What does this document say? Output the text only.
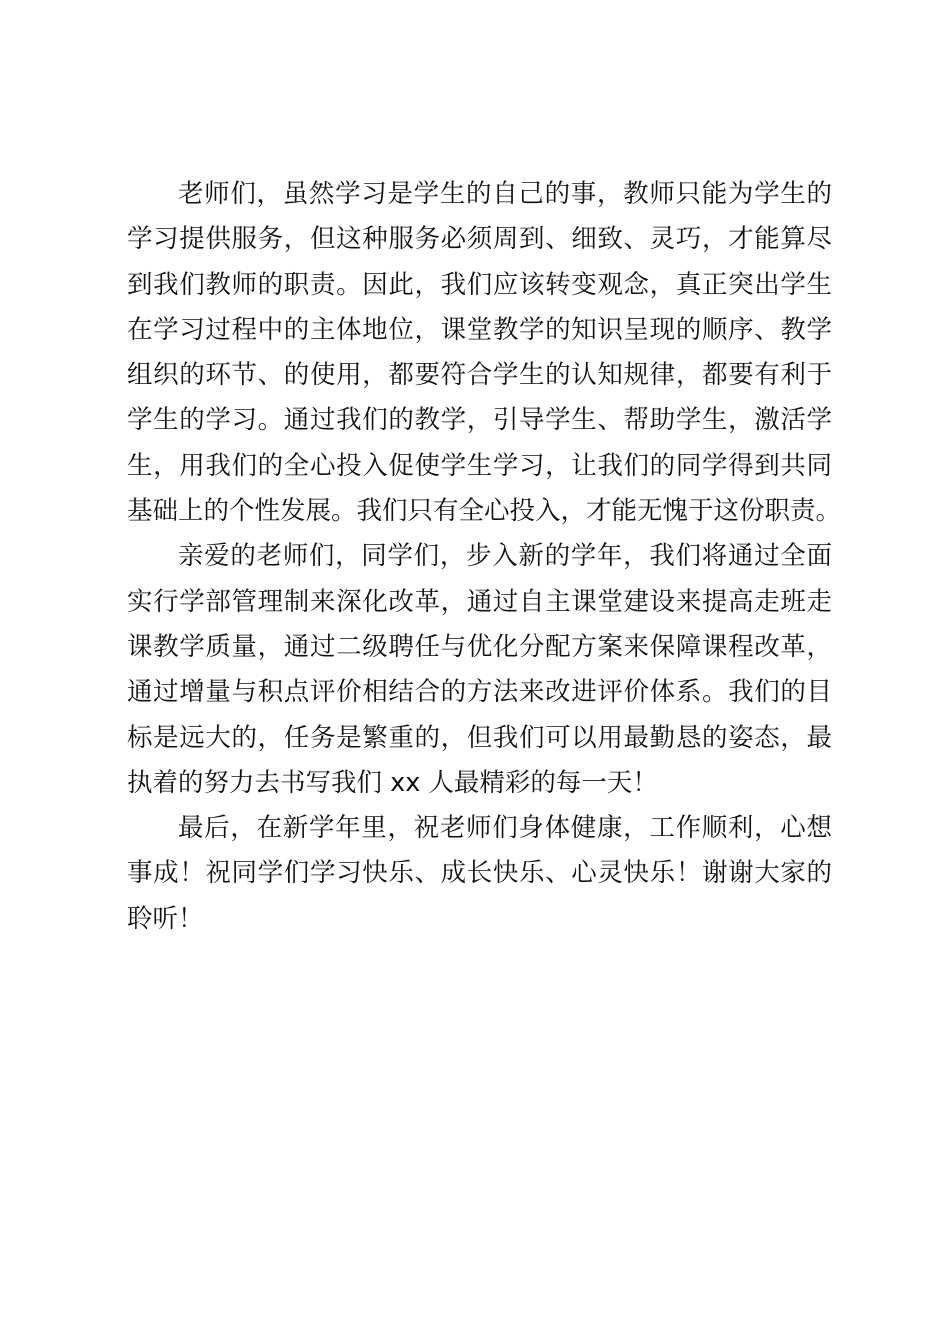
老师们，虽然学习是学生的自己的事，教师只能为学生的
学习提供服务，但这种服务必须周到、细致、灵巧，才能算尽
到我们教师的职责。因此，我们应该转变观念，真正突出学生
在学习过程中的主体地位，课堂教学的知识呈现的顺序、教学
组织的环节、的使用，都要符合学生的认知规律，都要有利于
学生的学习。通过我们的教学，引导学生、帮助学生，激活学
生，用我们的全心投入促使学生学习，让我们的同学得到共同
基础上的个性发展。我们只有全心投入，才能无愧于这份职责。
亲爱的老师们，同学们，步入新的学年，我们将通过全面
实行学部管理制来深化改革，通过自主课堂建设来提高走班走
课教学质量，通过二级聘任与优化分配方案来保障课程改革，
通过增量与积点评价相结合的方法来改进评价体系。我们的目
标是远大的，任务是繁重的，但我们可以用最勤恳的姿态，最
执着的努力去书写我们 xx 人最精彩的每一天！
最后，在新学年里，祝老师们身体健康，工作顺利，心想
事成！祝同学们学习快乐、成长快乐、心灵快乐！谢谢大家的
聆听！
